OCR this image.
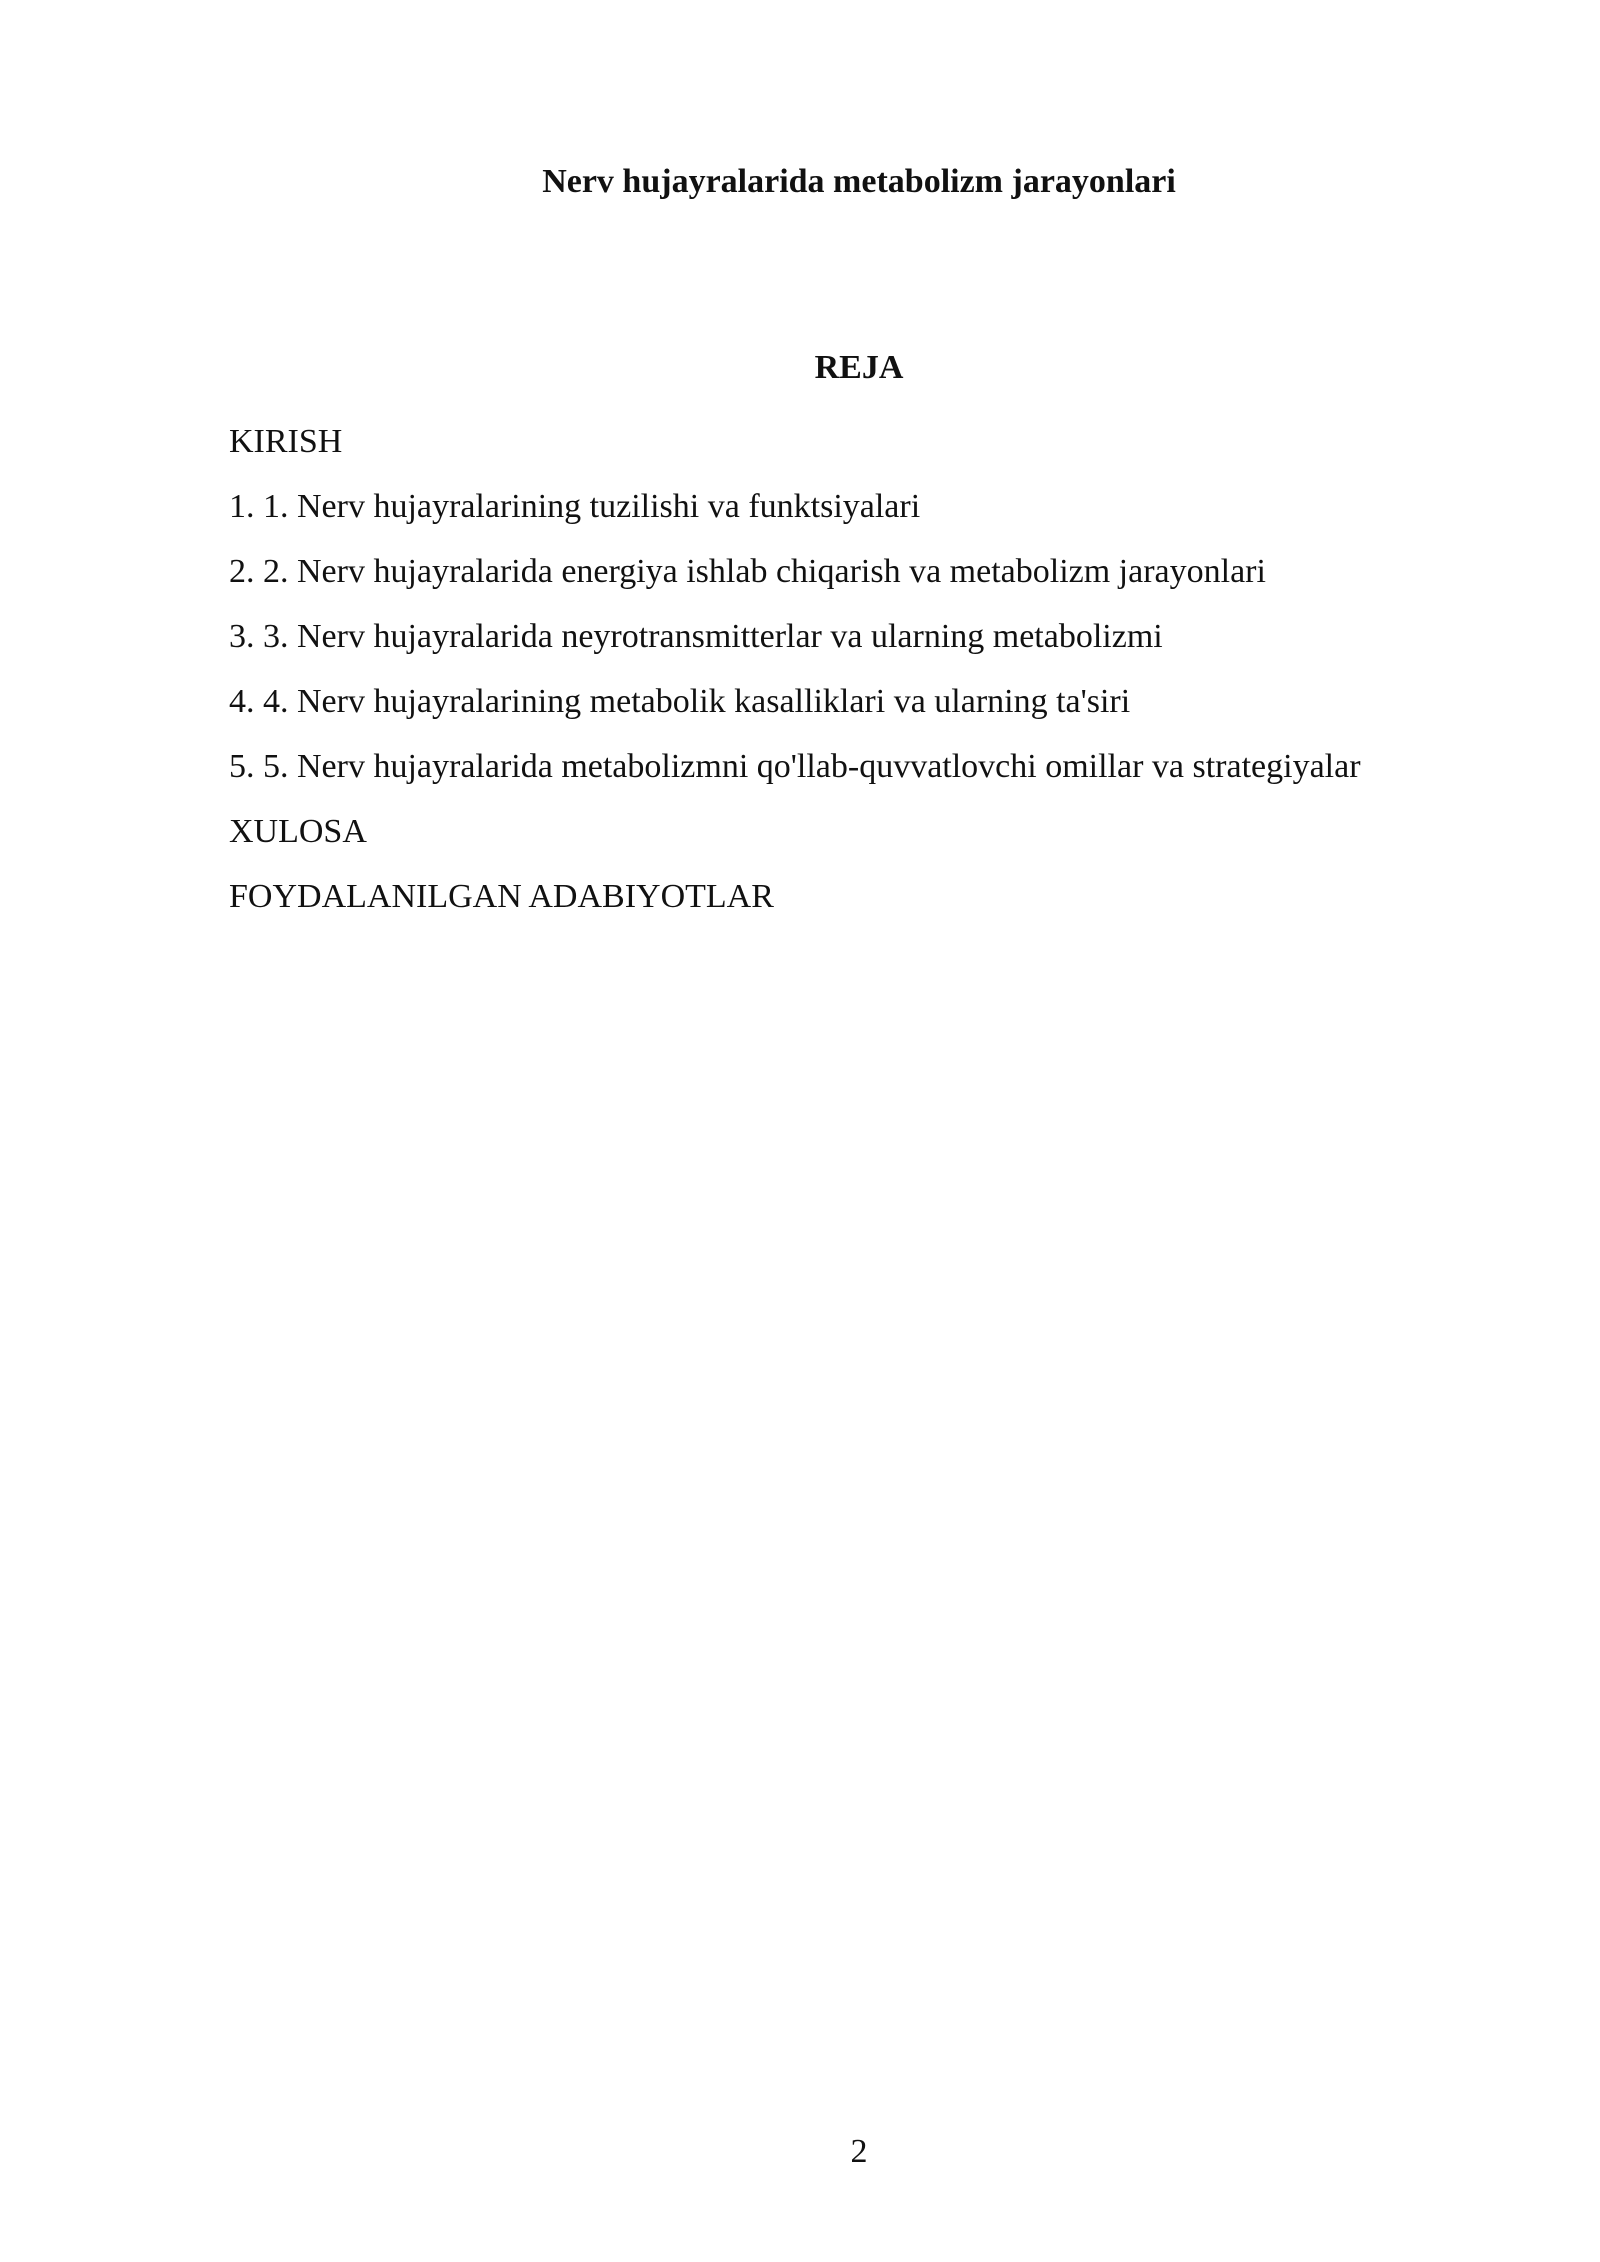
Nerv hujayralarida metabolizm jarayonlari
REJA
KIRISH
1. 1. Nerv hujayralarining tuzilishi va funktsiyalari
2. 2. Nerv hujayralarida energiya ishlab chiqarish va metabolizm jarayonlari
3. 3. Nerv hujayralarida neyrotransmitterlar va ularning metabolizmi
4. 4. Nerv hujayralarining metabolik kasalliklari va ularning ta'siri
5. 5. Nerv hujayralarida metabolizmni qo'llab-quvvatlovchi omillar va strategiyalar
XULOSA
FOYDALANILGAN ADABIYOTLAR
2
